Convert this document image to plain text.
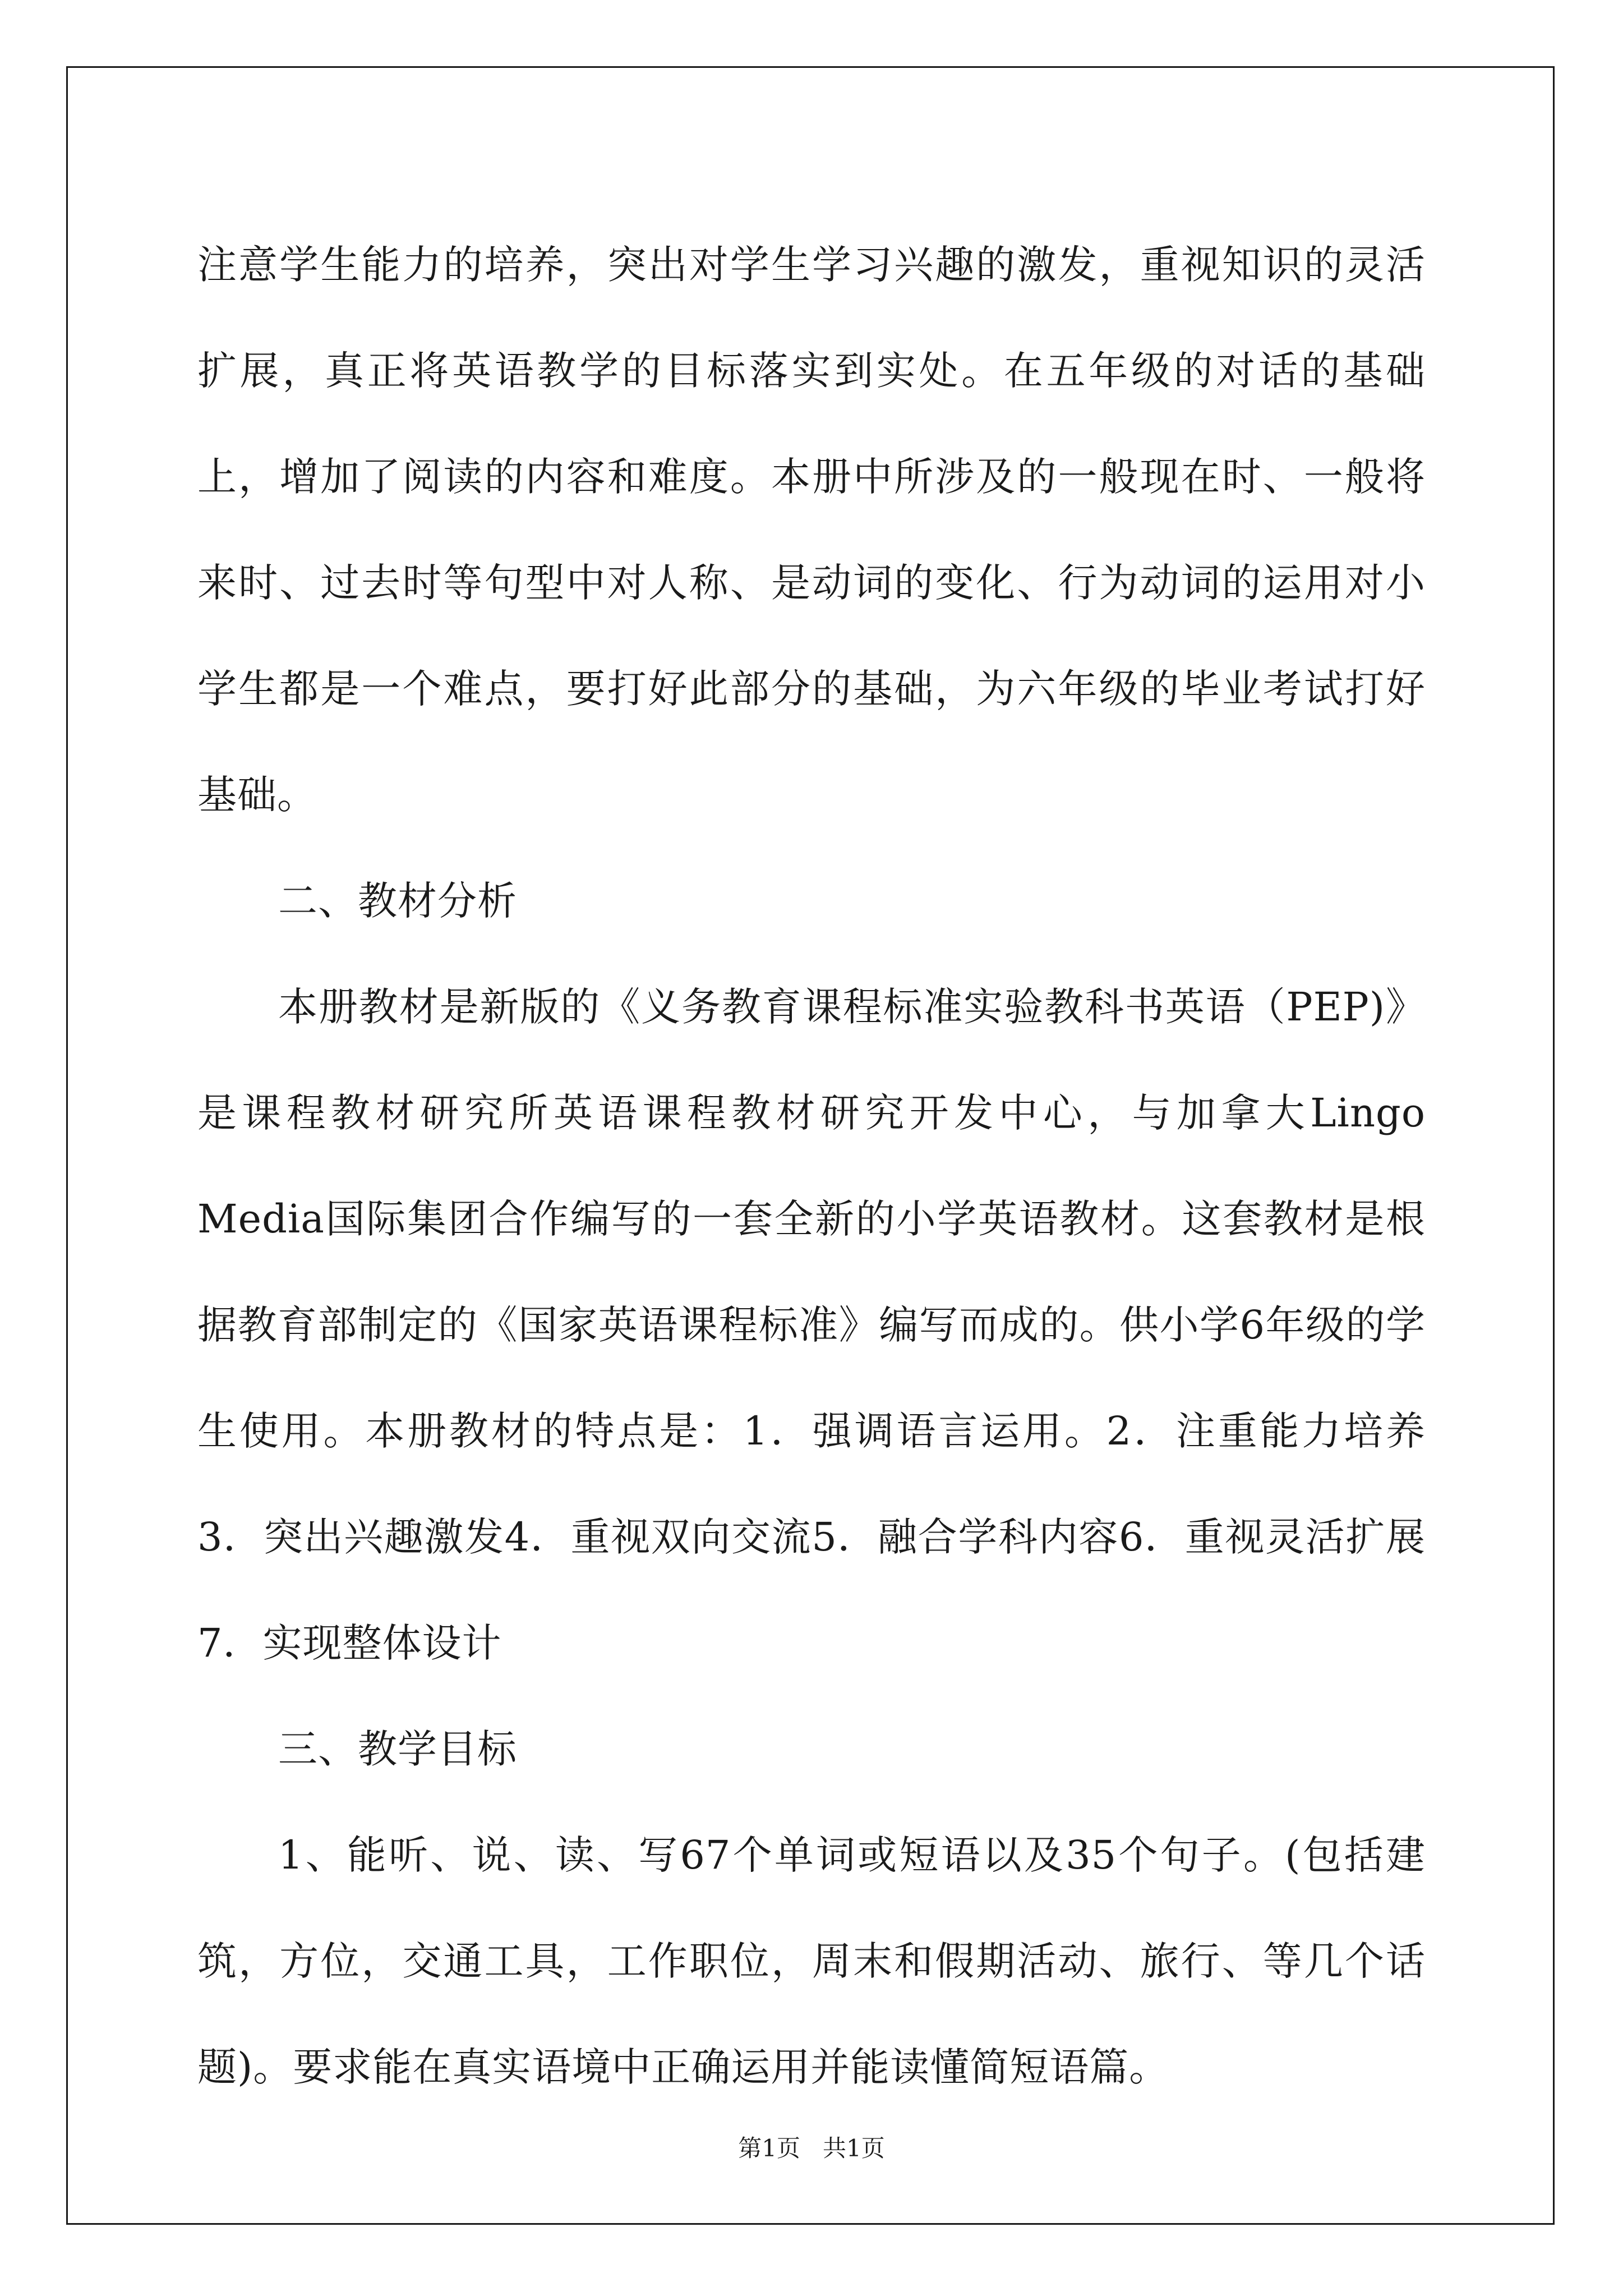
注意学生能力的培养，突出对学生学习兴趣的激发，重视知识的灵活扩展，真正将英语教学的目标落实到实处。在五年级的对话的基础上，增加了阅读的内容和难度。本册中所涉及的一般现在时、一般将来时、过去时等句型中对人称、是动词的变化、行为动词的运用对小学生都是一个难点，要打好此部分的基础，为六年级的毕业考试打好基础。

二、教材分析

本册教材是新版的《义务教育课程标准实验教科书英语（PEP)》是课程教材研究所英语课程教材研究开发中心，与加拿大Lingo Media国际集团合作编写的一套全新的小学英语教材。这套教材是根据教育部制定的《国家英语课程标准》编写而成的。供小学6年级的学生使用。本册教材的特点是：1．强调语言运用。2．注重能力培养3．突出兴趣激发4．重视双向交流5．融合学科内容6．重视灵活扩展7．实现整体设计

三、教学目标

1、能听、说、读、写67个单词或短语以及35个句子。(包括建筑，方位，交通工具，工作职位，周末和假期活动、旅行、等几个话题)。要求能在真实语境中正确运用并能读懂简短语篇。

第1页 共1页
